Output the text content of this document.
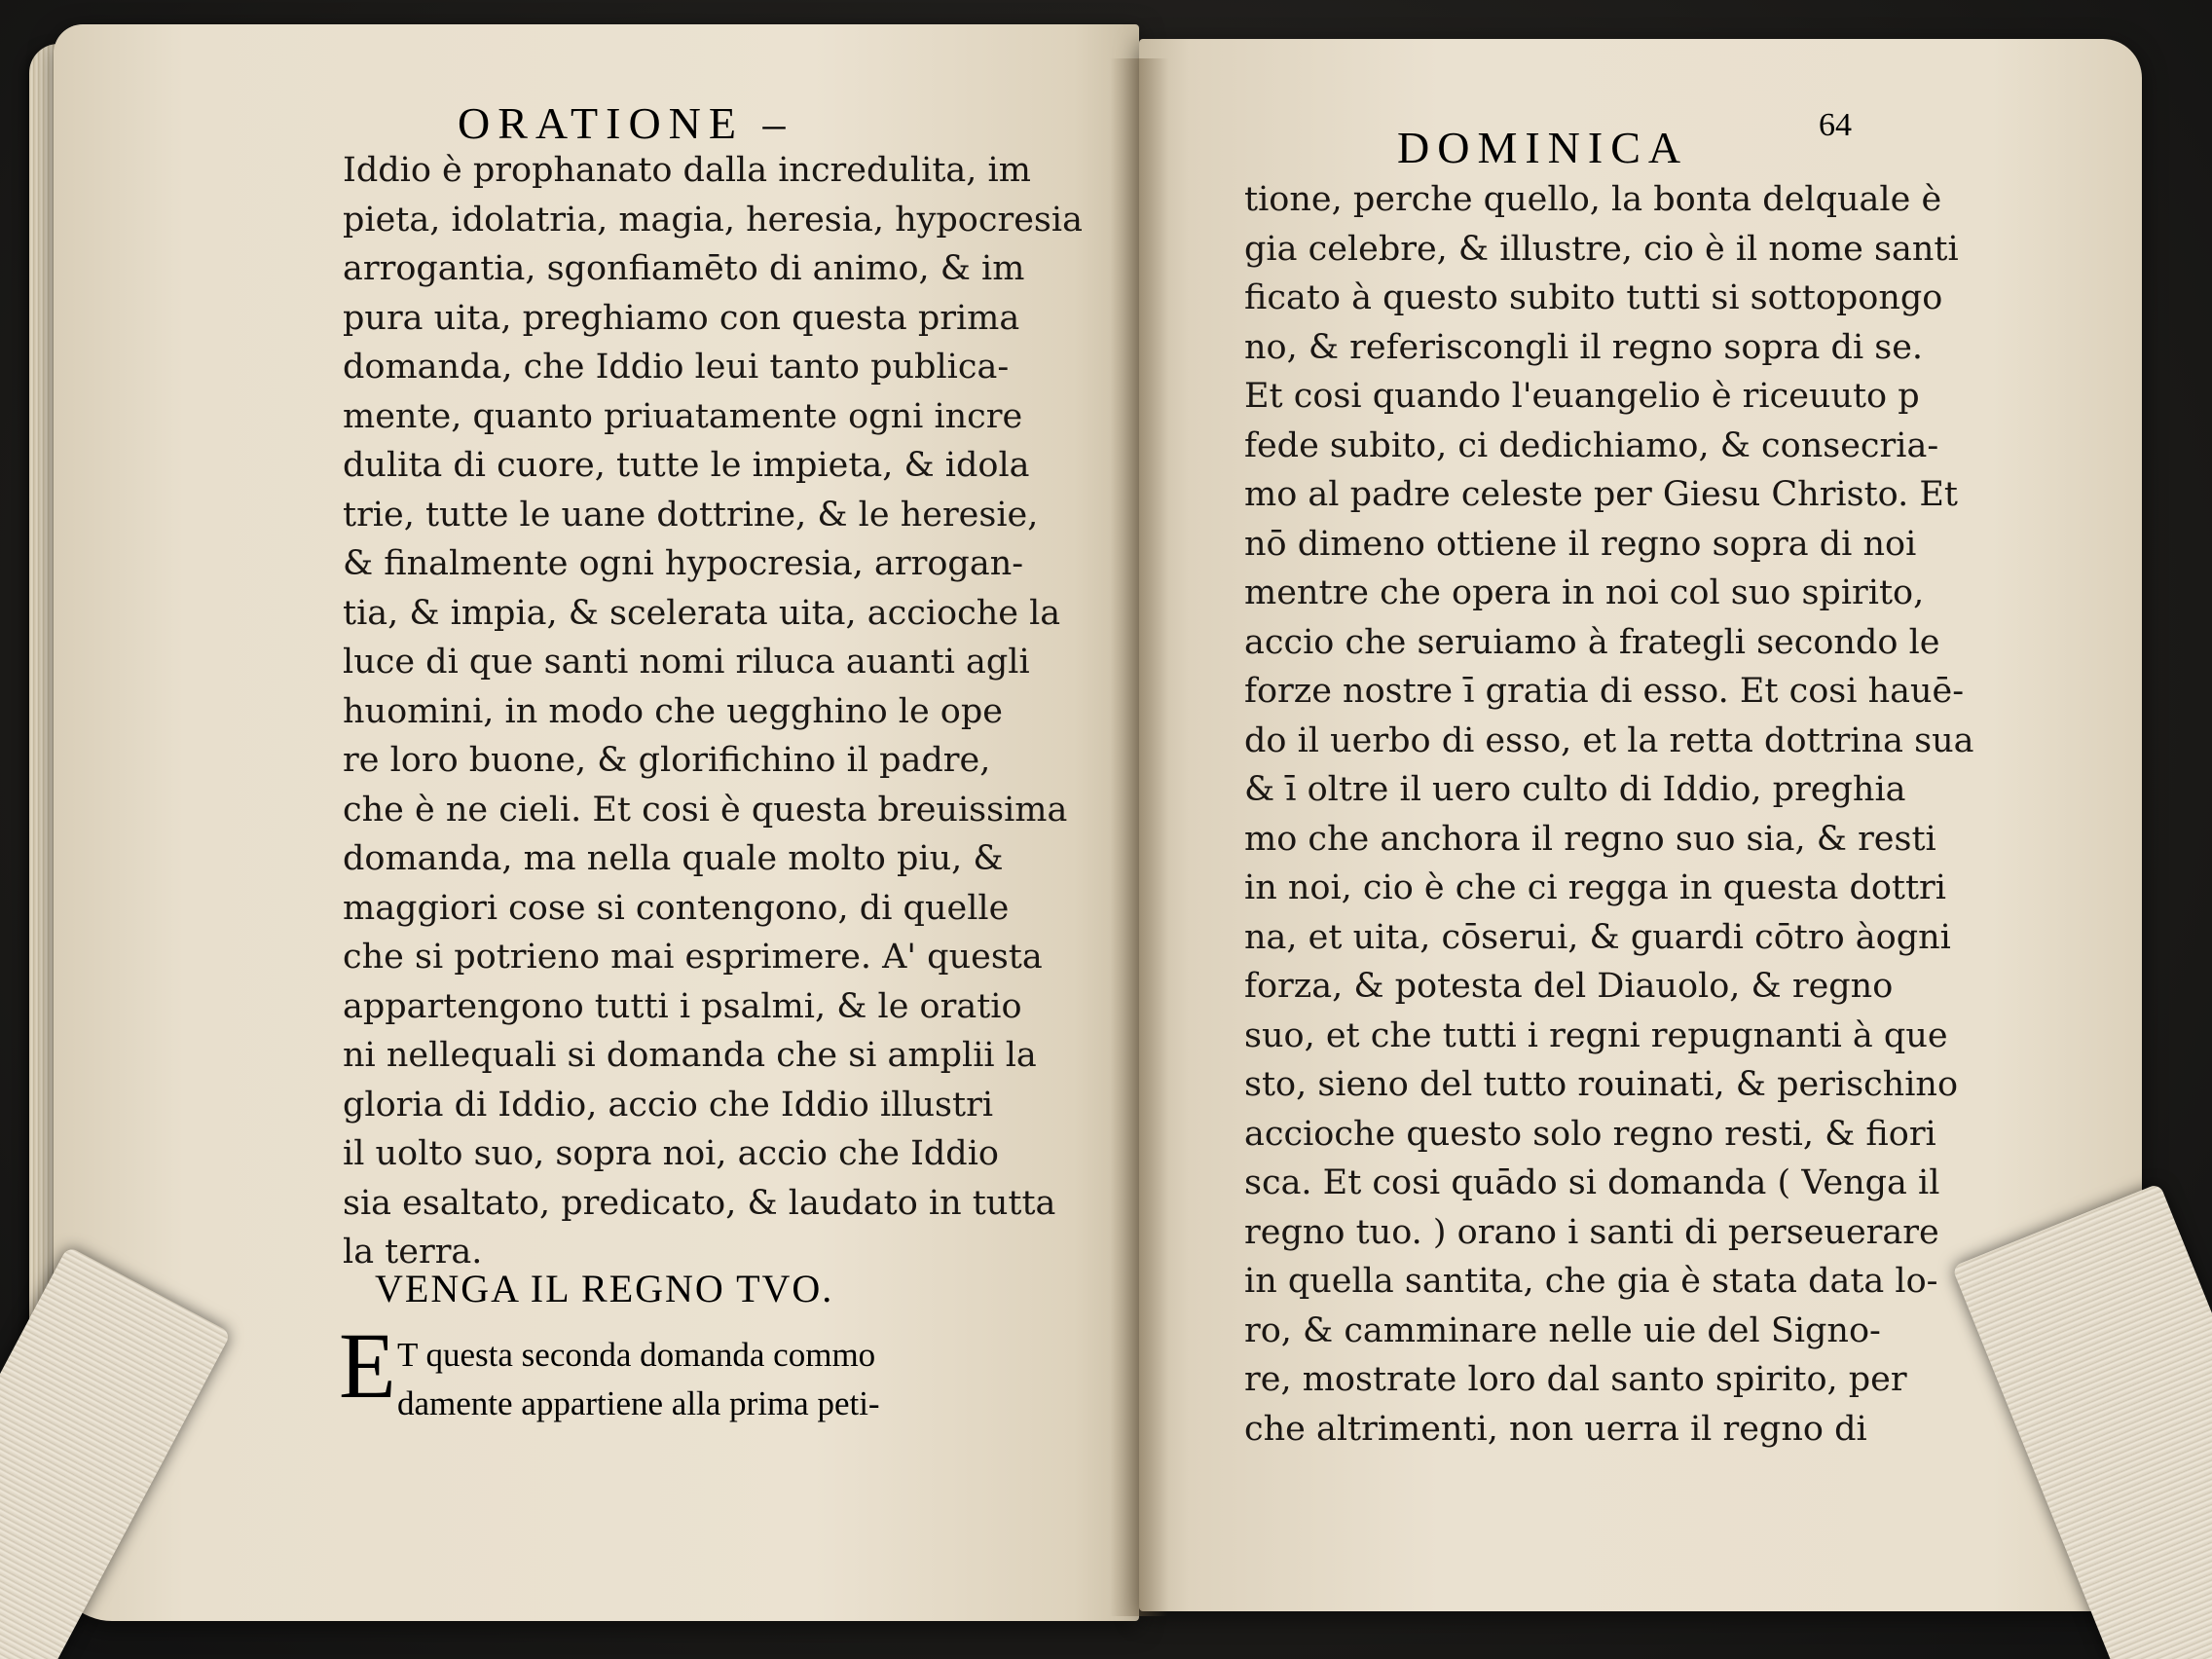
ORATIONE –	DOMINICA	64
Iddio è prophanato dalla incredulita, im
pieta, idolatria, magia, heresia, hypocresia
arrogantia, sgonfiamēto di animo, & im
pura uita, preghiamo con questa prima
domanda, che Iddio leui tanto publica-
mente, quanto priuatamente ogni incre
dulita di cuore, tutte le impieta, & idola
trie, tutte le uane dottrine, & le heresie,
& finalmente ogni hypocresia, arrogan-
tia, & impia, & scelerata uita, accioche la
luce di que santi nomi riluca auanti agli
huomini, in modo che uegghino le ope
re loro buone, & glorifichino il padre,
che è ne cieli. Et cosi è questa breuissima
domanda, ma nella quale molto piu, &
maggiori cose si contengono, di quelle
che si potrieno mai esprimere. A' questa
appartengono tutti i psalmi, & le oratio
ni nellequali si domanda che si amplii la
gloria di Iddio, accio che Iddio illustri
il uolto suo, sopra noi, accio che Iddio
sia esaltato, predicato, & laudato in tutta
la terra.
VENGA IL REGNO TVO.
E T questa seconda domanda commo
damente appartiene alla prima peti-
tione, perche quello, la bonta delquale è
gia celebre, & illustre, cio è il nome santi
ficato à questo subito tutti si sottopongo
no, & referiscongli il regno sopra di se.
Et cosi quando l'euangelio è riceuuto p
fede subito, ci dedichiamo, & consecria-
mo al padre celeste per Giesu Christo. Et
nō dimeno ottiene il regno sopra di noi
mentre che opera in noi col suo spirito,
accio che seruiamo à frategli secondo le
forze nostre ī gratia di esso. Et cosi hauē-
do il uerbo di esso, et la retta dottrina sua
& ī oltre il uero culto di Iddio, preghia
mo che anchora il regno suo sia, & resti
in noi, cio è che ci regga in questa dottri
na, et uita, cōserui, & guardi cōtro àogni
forza, & potesta del Diauolo, & regno
suo, et che tutti i regni repugnanti à que
sto, sieno del tutto rouinati, & perischino
accioche questo solo regno resti, & fiori
sca. Et cosi quādo si domanda ( Venga il
regno tuo. ) orano i santi di perseuerare
in quella santita, che gia è stata data lo-
ro, & camminare nelle uie del Signo-
re, mostrate loro dal santo spirito, per
che altrimenti, non uerra il regno di
